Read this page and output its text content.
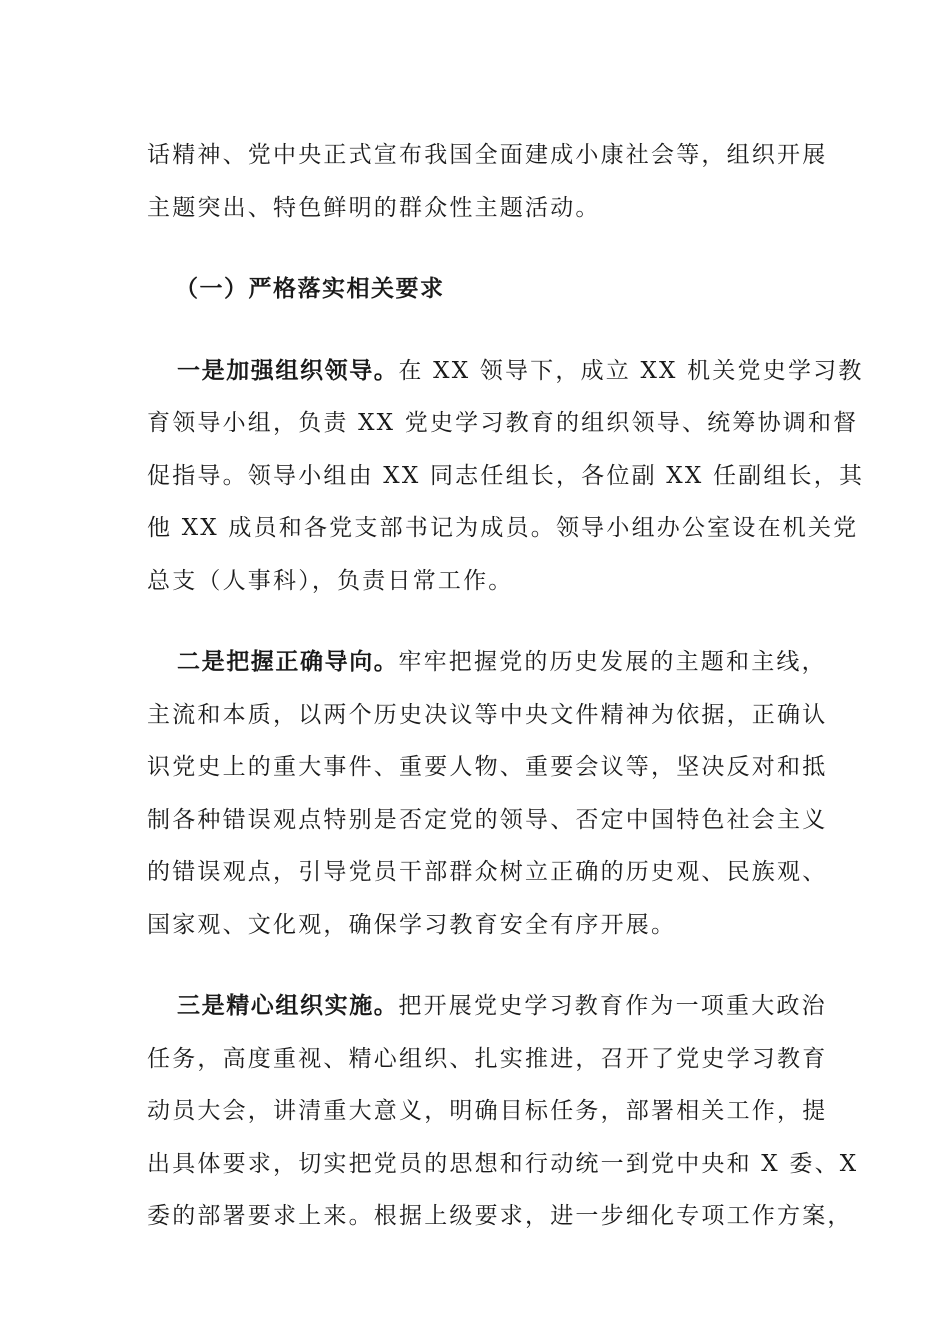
话精神、党中央正式宣布我国全面建成小康社会等，组织开展
主题突出、特色鲜明的群众性主题活动。
（一）严格落实相关要求
一是加强组织领导。在 XX 领导下，成立 XX 机关党史学习教
育领导小组，负责 XX 党史学习教育的组织领导、统筹协调和督
促指导。领导小组由 XX 同志任组长，各位副 XX 任副组长，其
他 XX 成员和各党支部书记为成员。领导小组办公室设在机关党
总支（人事科），负责日常工作。
二是把握正确导向。牢牢把握党的历史发展的主题和主线，
主流和本质，以两个历史决议等中央文件精神为依据，正确认
识党史上的重大事件、重要人物、重要会议等，坚决反对和抵
制各种错误观点特别是否定党的领导、否定中国特色社会主义
的错误观点，引导党员干部群众树立正确的历史观、民族观、
国家观、文化观，确保学习教育安全有序开展。
三是精心组织实施。把开展党史学习教育作为一项重大政治
任务，高度重视、精心组织、扎实推进，召开了党史学习教育
动员大会，讲清重大意义，明确目标任务，部署相关工作，提
出具体要求，切实把党员的思想和行动统一到党中央和 X 委、X
委的部署要求上来。根据上级要求，进一步细化专项工作方案，
